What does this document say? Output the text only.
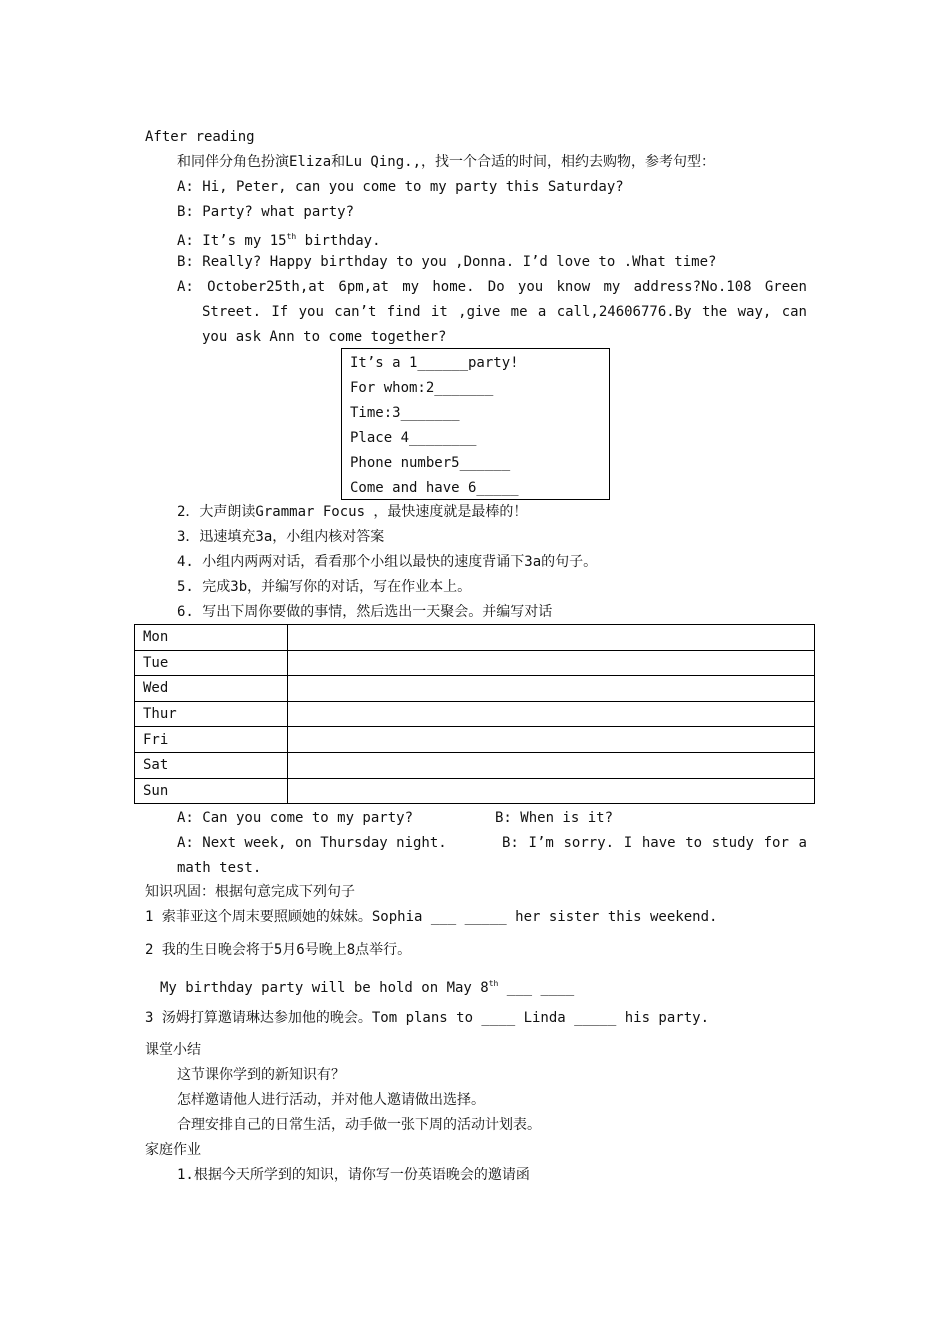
After reading
和同伴分角色扮演Eliza和Lu Qing.,，找一个合适的时间，相约去购物，参考句型：
A: Hi, Peter, can you come to my party this Saturday?
B: Party? what party?
A: It’s my 15th birthday.
B: Really? Happy birthday to you ,Donna. I’d love to .What time?
A: October25th,at 6pm,at my home. Do you know my address?No.108 Green
Street. If you can’t find it ,give me a call,24606776.By the way, can
you ask Ann to come together?
It’s a 1______party!
For whom:2_______
Time:3_______
Place 4________
Phone number5______
Come and have 6_____
2．大声朗读Grammar Focus ，最快速度就是最棒的！
3．迅速填充3a，小组内核对答案
4. 小组内两两对话，看看那个小组以最快的速度背诵下3a的句子。
5. 完成3b，并编写你的对话，写在作业本上。
6. 写出下周你要做的事情，然后选出一天聚会。并编写对话
Mon	
Tue	
Wed	
Thur	
Fri	
Sat	
Sun	
A: Can you come to my party?	B: When is it?
A: Next week, on Thursday night.	B: I’m sorry. I have to study for a
math test.
知识巩固：根据句意完成下列句子
1 索菲亚这个周末要照顾她的妹妹。Sophia ___ _____ her sister this weekend.
2 我的生日晚会将于5月6号晚上8点举行。
My birthday party will be hold on May 8th ___ ____
3 汤姆打算邀请琳达参加他的晚会。Tom plans to ____ Linda _____ his party.
课堂小结
这节课你学到的新知识有？
怎样邀请他人进行活动，并对他人邀请做出选择。
合理安排自己的日常生活，动手做一张下周的活动计划表。
家庭作业
1.根据今天所学到的知识，请你写一份英语晚会的邀请函
